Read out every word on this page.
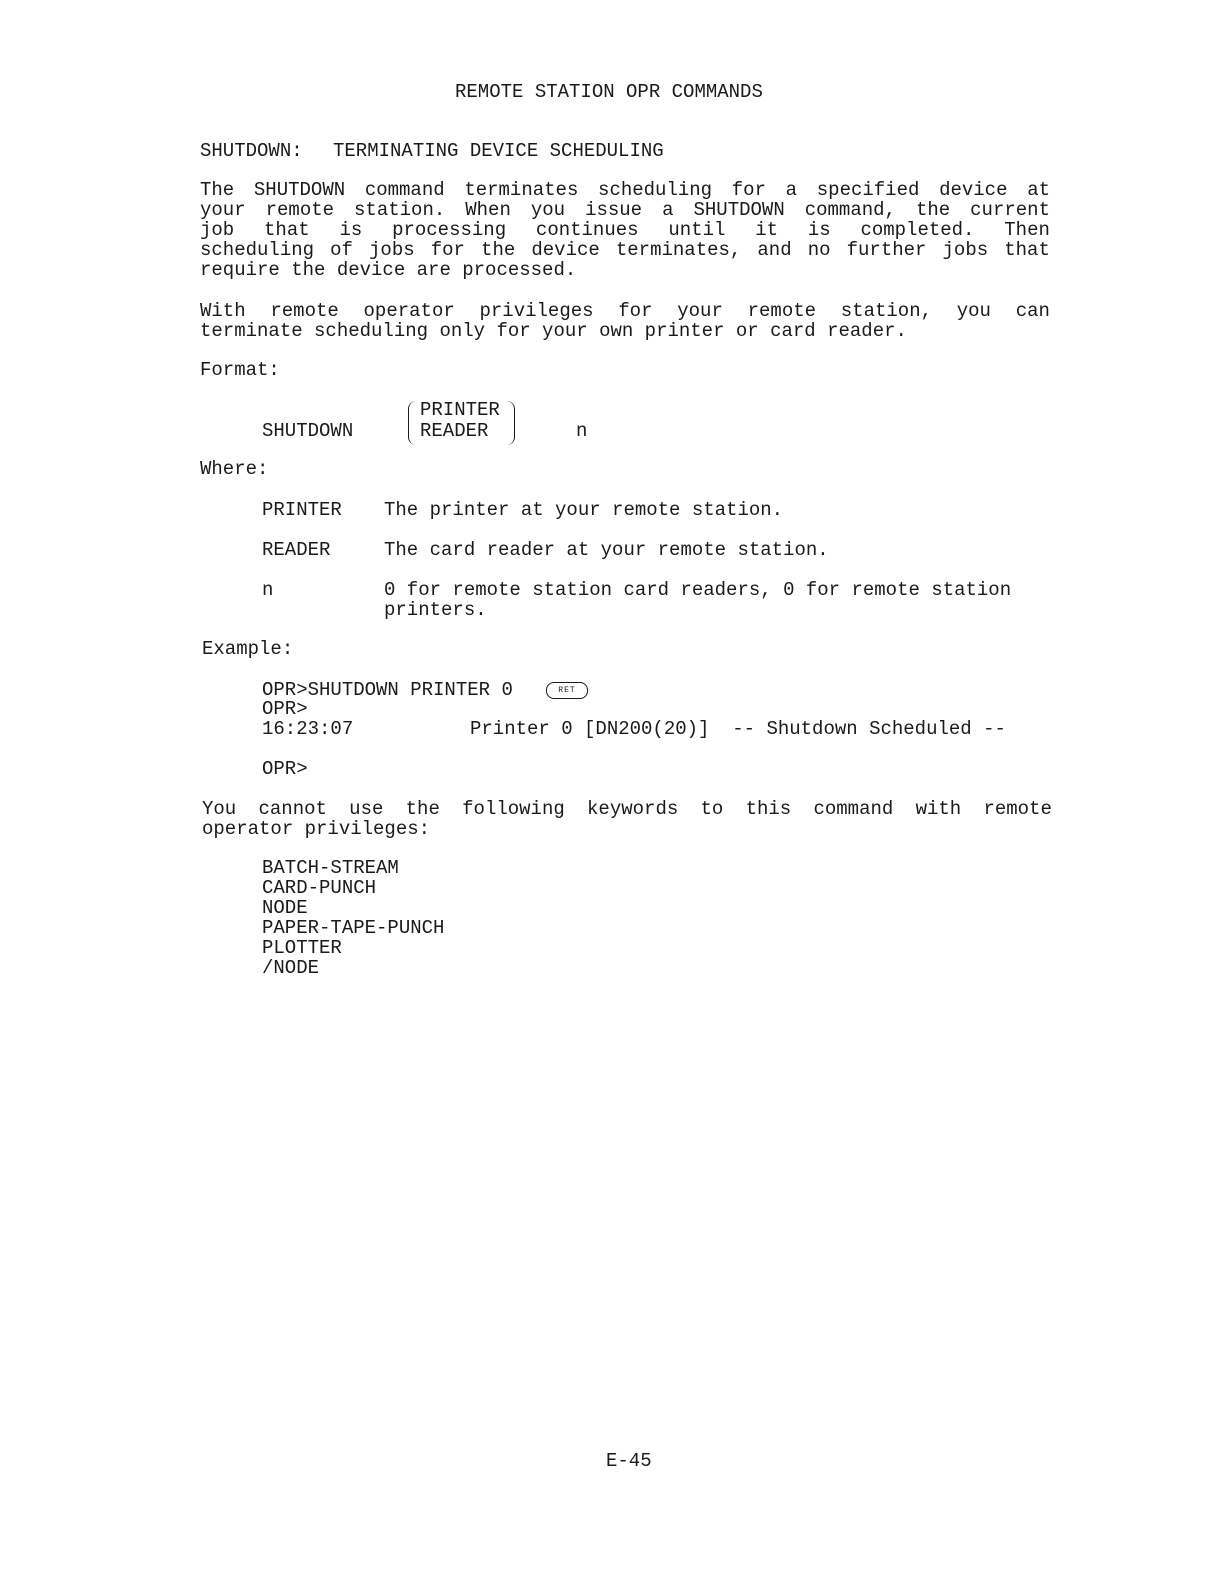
REMOTE STATION OPR COMMANDS
SHUTDOWN: TERMINATING DEVICE SCHEDULING
The SHUTDOWN command terminates scheduling for a specified device at
your remote station. When you issue a SHUTDOWN command, the current
job that is processing continues until it is completed. Then
scheduling of jobs for the device terminates, and no further jobs that
require the device are processed.
With remote operator privileges for your remote station, you can
terminate scheduling only for your own printer or card reader.
Format:
SHUTDOWN
PRINTER
READER	n
Where:
PRINTER The printer at your remote station.
READER	The card reader at your remote station.
n	0 for remote station card readers, 0 for remote station
printers.
Example:
OPR>SHUTDOWN PRINTER 0	RET
OPR>
16:23:07	Printer 0 [DN200(20)]  -- Shutdown Scheduled --
OPR>
You cannot use the following keywords to this command with remote
operator privileges:
BATCH-STREAM
CARD-PUNCH
NODE
PAPER-TAPE-PUNCH
PLOTTER
/NODE
E-45
